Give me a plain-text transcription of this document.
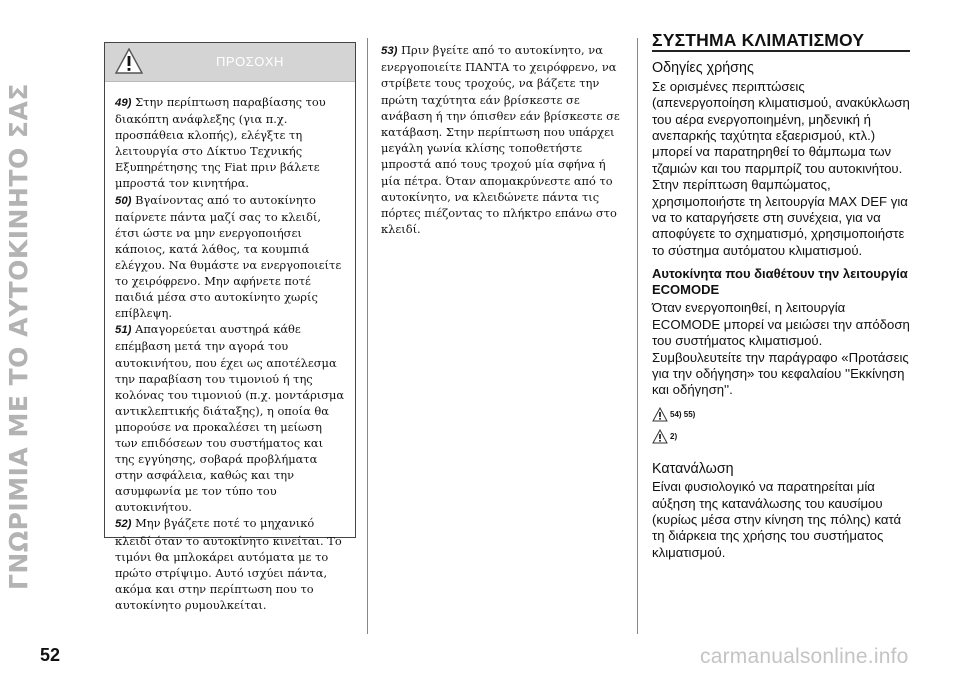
ΓΝΩΡΙΜΙΑ ΜΕ ΤΟ ΑΥΤΟΚΙΝΗΤΟ ΣΑΣ
ΠΡΟΣΟΧΗ
49) Στην περίπτωση παραβίασης του διακόπτη ανάφλεξης (για π.χ. προσπάθεια κλοπής), ελέγξτε τη λειτουργία στο Δίκτυο Τεχνικής Εξυπηρέτησης της Fiat πριν βάλετε μπροστά τον κινητήρα.
50) Βγαίνοντας από το αυτοκίνητο παίρνετε πάντα μαζί σας το κλειδί, έτσι ώστε να μην ενεργοποιήσει κάποιος, κατά λάθος, τα κουμπιά ελέγχου. Να θυμάστε να ενεργοποιείτε το χειρόφρενο. Μην αφήνετε ποτέ παιδιά μέσα στο αυτοκίνητο χωρίς επίβλεψη.
51) Απαγορεύεται αυστηρά κάθε επέμβαση μετά την αγορά του αυτοκινήτου, που έχει ως αποτέλεσμα την παραβίαση του τιμονιού ή της κολόνας του τιμονιού (π.χ. μοντάρισμα αντικλεπτικής διάταξης), η οποία θα μπορούσε να προκαλέσει τη μείωση των επιδόσεων του συστήματος και της εγγύησης, σοβαρά προβλήματα στην ασφάλεια, καθώς και την ασυμφωνία με τον τύπο του αυτοκινήτου.
52) Μην βγάζετε ποτέ το μηχανικό κλειδί όταν το αυτοκίνητο κινείται. Το τιμόνι θα μπλοκάρει αυτόματα με το πρώτο στρίψιμο. Αυτό ισχύει πάντα, ακόμα και στην περίπτωση που το αυτοκίνητο ρυμουλκείται.
53) Πριν βγείτε από το αυτοκίνητο, να ενεργοποιείτε ΠΑΝΤΑ το χειρόφρενο, να στρίβετε τους τροχούς, να βάζετε την πρώτη ταχύτητα εάν βρίσκεστε σε ανάβαση ή την όπισθεν εάν βρίσκεστε σε κατάβαση. Στην περίπτωση που υπάρχει μεγάλη γωνία κλίσης τοποθετήστε μπροστά από τους τροχού μία σφήνα ή μία πέτρα. Όταν απομακρύνεστε από το αυτοκίνητο, να κλειδώνετε πάντα τις πόρτες πιέζοντας το πλήκτρο επάνω στο κλειδί.
ΣΥΣΤΗΜΑ ΚΛΙΜΑΤΙΣΜΟΥ
Οδηγίες χρήσης

Σε ορισμένες περιπτώσεις (απενεργοποίηση κλιματισμού, ανακύκλωση του αέρα ενεργοποιημένη, μηδενική ή ανεπαρκής ταχύτητα εξαερισμού, κτλ.) μπορεί να παρατηρηθεί το θάμπωμα των τζαμιών και του παρμπρίζ του αυτοκινήτου. Στην περίπτωση θαμπώματος, χρησιμοποιήστε τη λειτουργία MAX DEF για να το καταργήσετε στη συνέχεια, για να αποφύγετε το σχηματισμό, χρησιμοποιήστε το σύστημα αυτόματου κλιματισμού.

Αυτοκίνητα που διαθέτουν την λειτουργία ECOMODE

Όταν ενεργοποιηθεί, η λειτουργία ECOMODE μπορεί να μειώσει την απόδοση του συστήματος κλιματισμού. Συμβουλευτείτε την παράγραφο «Προτάσεις για την οδήγηση» του κεφαλαίου ''Εκκίνηση και οδήγηση''.

54) 55)
2)
Κατανάλωση

Είναι φυσιολογικό να παρατηρείται μία αύξηση της κατανάλωσης του καυσίμου (κυρίως μέσα στην κίνηση της πόλης) κατά τη διάρκεια της χρήσης του συστήματος κλιματισμού.

52	carmanualsonline.info
